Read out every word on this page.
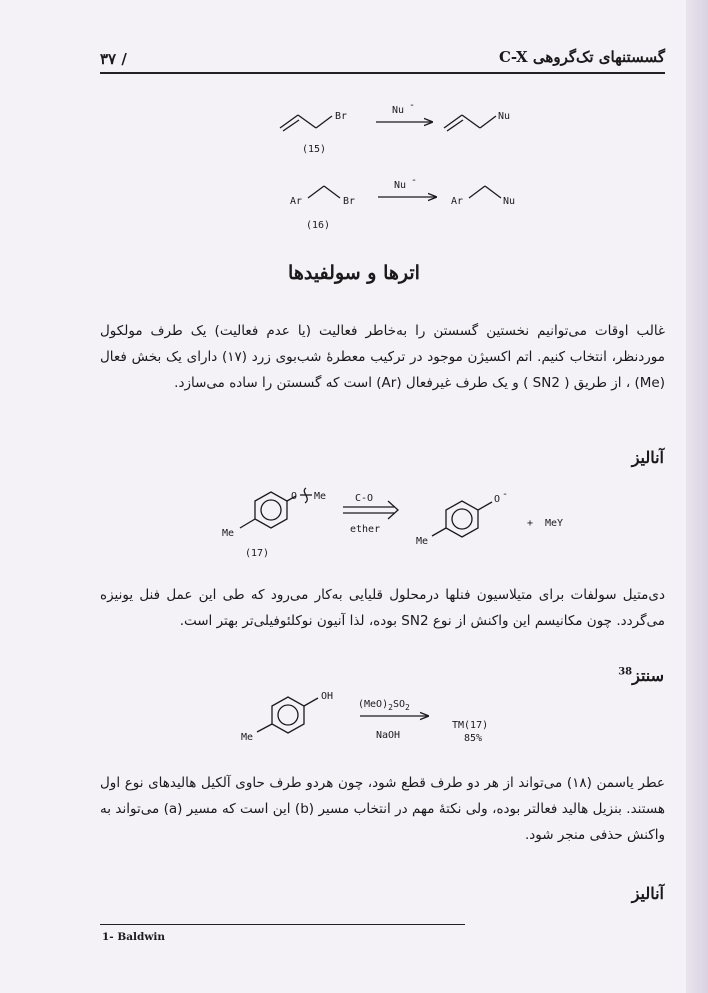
۳۷ /	گسستنهای تک‌گروهی C-X
Br
Nu -
Nu
(15)
Ar	Br
Nu -
Ar	Nu
(16)
Me
O Me	C-O
ether
Me
O -
+ MeY
(17)
OH
Me
$(MeO)_2SO_2$
NaOH
TM(17)
85%
اترها و سولفیدها

غالب اوقات می‌توانیم نخستین گسستن را به‌خاطر فعالیت (یا عدم فعالیت) یک طرف مولکول موردنظر، انتخاب کنیم. اتم اکسیژن موجود در ترکیب معطرهٔ شب‌بوی زرد (۱۷) دارای یک بخش فعال (Me) ، از طریق ( SN2 ) و یک طرف غیرفعال (Ar) است که گسستن را ساده می‌سازد.

آنالیز

دی‌متیل سولفات برای متیلاسیون فنلها درمحلول قلیایی به‌کار می‌رود که طی این عمل فنل یونیزه می‌گردد. چون مکانیسم این واکنش از نوع SN2 بوده، لذا آنیون نوکلئوفیلی‌تر بهتر است.

سنتز$^{38}$

عطر یاسمن (۱۸) می‌تواند از هر دو طرف قطع شود، چون هردو طرف حاوی آلکیل هالیدهای نوع اول هستند. بنزیل هالید فعالتر بوده، ولی نکتهٔ مهم در انتخاب مسیر (b) این است که مسیر (a) می‌تواند به واکنش حذفی منجر شود.

آنالیز
1- Baldwin
